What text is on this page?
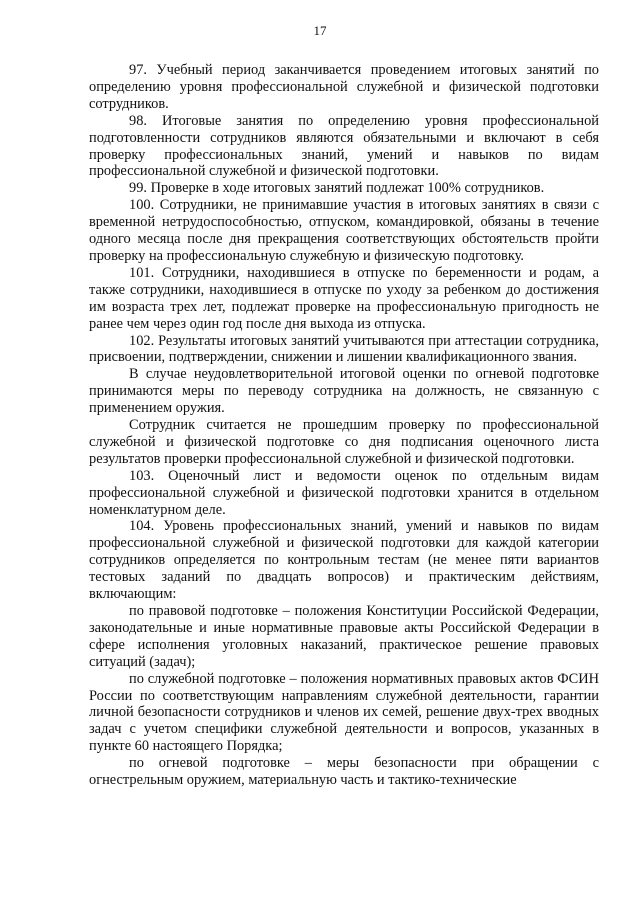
17

97. Учебный период заканчивается проведением итоговых занятий по определению уровня профессиональной служебной и физической подготовки сотрудников.

98. Итоговые занятия по определению уровня профессиональной подготовленности сотрудников являются обязательными и включают в себя проверку профессиональных знаний, умений и навыков по видам профессиональной служебной и физической подготовки.

99. Проверке в ходе итоговых занятий подлежат 100% сотрудников.

100. Сотрудники, не принимавшие участия в итоговых занятиях в связи с временной нетрудоспособностью, отпуском, командировкой, обязаны в течение одного месяца после дня прекращения соответствующих обстоятельств пройти проверку на профессиональную служебную и физическую подготовку.

101. Сотрудники, находившиеся в отпуске по беременности и родам, а также сотрудники, находившиеся в отпуске по уходу за ребенком до достижения им возраста трех лет, подлежат проверке на профессиональную пригодность не ранее чем через один год после дня выхода из отпуска.

102. Результаты итоговых занятий учитываются при аттестации сотрудника, присвоении, подтверждении, снижении и лишении квалификационного звания.

В случае неудовлетворительной итоговой оценки по огневой подготовке принимаются меры по переводу сотрудника на должность, не связанную с применением оружия.

Сотрудник считается не прошедшим проверку по профессиональной служебной и физической подготовке со дня подписания оценочного листа результатов проверки профессиональной служебной и физической подготовки.

103. Оценочный лист и ведомости оценок по отдельным видам профессиональной служебной и физической подготовки хранится в отдельном номенклатурном деле.

104. Уровень профессиональных знаний, умений и навыков по видам профессиональной служебной и физической подготовки для каждой категории сотрудников определяется по контрольным тестам (не менее пяти вариантов тестовых заданий по двадцать вопросов) и практическим действиям, включающим:

по правовой подготовке – положения Конституции Российской Федерации, законодательные и иные нормативные правовые акты Российской Федерации в сфере исполнения уголовных наказаний, практическое решение правовых ситуаций (задач);

по служебной подготовке – положения нормативных правовых актов ФСИН России по соответствующим направлениям служебной деятельности, гарантии личной безопасности сотрудников и членов их семей, решение двух-трех вводных задач с учетом специфики служебной деятельности и вопросов, указанных в пункте 60 настоящего Порядка;

по огневой подготовке – меры безопасности при обращении с огнестрельным оружием, материальную часть и тактико-технические
